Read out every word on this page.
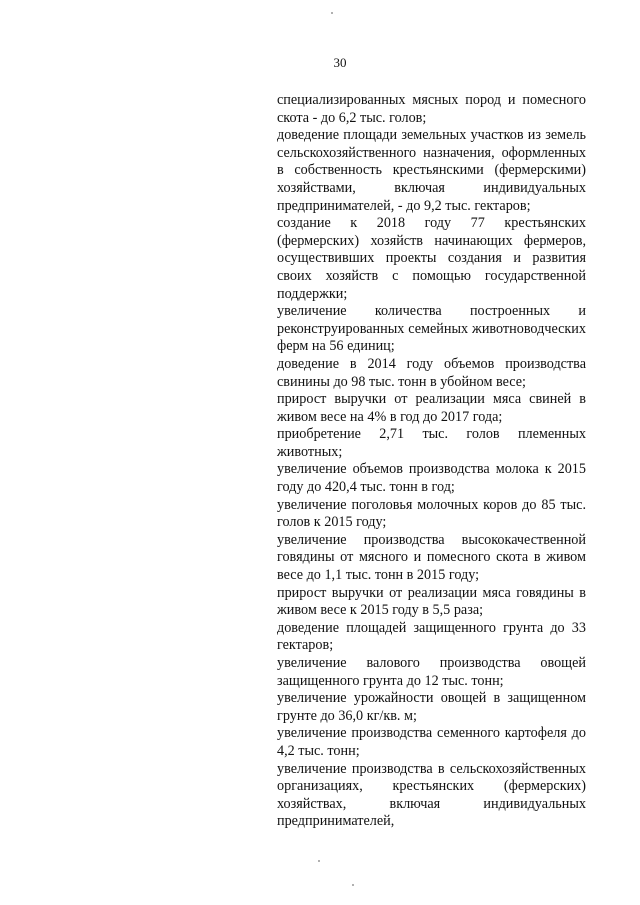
30

специализированных мясных пород и помесного скота - до 6,2 тыс. голов;

доведение площади земельных участков из земель сельскохозяйственного назначения, оформленных в собственность крестьянскими (фермерскими) хозяйствами, включая индивидуальных предпринимателей, - до 9,2 тыс. гектаров;

создание к 2018 году 77 крестьянских (фермерских) хозяйств начинающих фермеров, осуществивших проекты создания и развития своих хозяйств с помощью государственной поддержки;

увеличение количества построенных и реконструированных семейных животноводческих ферм на 56 единиц;

доведение в 2014 году объемов производства свинины до 98 тыс. тонн в убойном весе;

прирост выручки от реализации мяса свиней в живом весе на 4% в год до 2017 года;

приобретение 2,71 тыс. голов племенных животных;

увеличение объемов производства молока к 2015 году до 420,4 тыс. тонн в год;

увеличение поголовья молочных коров до 85 тыс. голов к 2015 году;

увеличение производства высококачественной говядины от мясного и помесного скота в живом весе до 1,1 тыс. тонн в 2015 году;

прирост выручки от реализации мяса говядины в живом весе к 2015 году в 5,5 раза;

доведение площадей защищенного грунта до 33 гектаров;

увеличение валового производства овощей защищенного грунта до 12 тыс. тонн;

увеличение урожайности овощей в защищенном грунте до 36,0 кг/кв. м;

увеличение производства семенного картофеля до 4,2 тыс. тонн;

увеличение производства в сельскохозяйственных организациях, крестьянских (фермерских) хозяйствах, включая индивидуальных предпринимателей,
